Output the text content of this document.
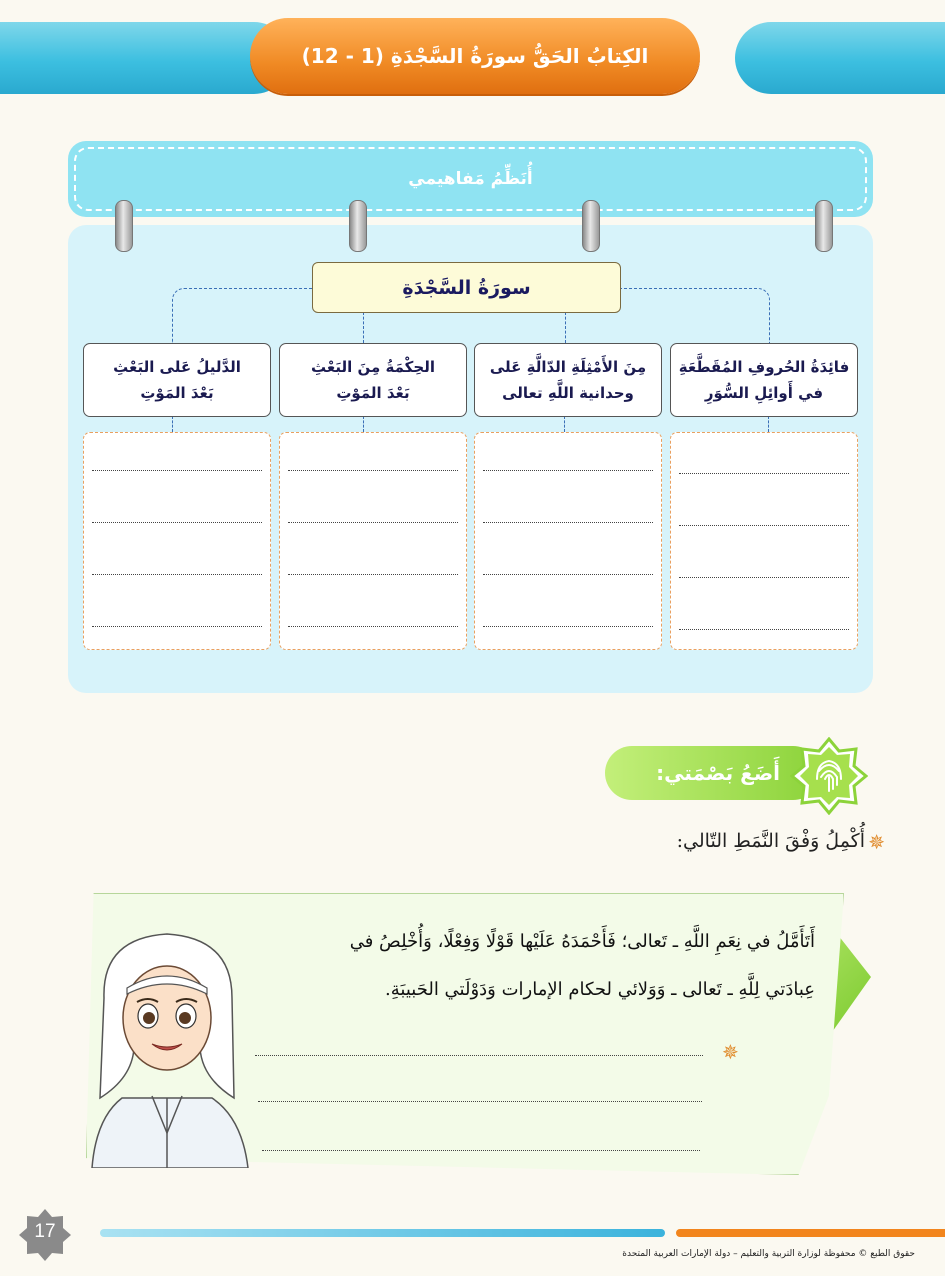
الكِتابُ الحَقُّ سورَةُ السَّجْدَةِ (1 - 12)
أُنَظِّمُ مَفاهيمي
سورَةُ السَّجْدَةِ
فائِدَةُ الحُروفِ المُقَطَّعَةِ
في أَوائِلِ السُّوَرِ
مِنَ الأَمْثِلَةِ الدّالَّةِ عَلى
وحدانية اللَّهِ تعالى
الحِكْمَةُ مِنَ البَعْثِ
بَعْدَ المَوْتِ
الدَّليلُ عَلى البَعْثِ
بَعْدَ المَوْتِ
أَضَعُ بَصْمَتي:
✵
أُكْمِلُ وَفْقَ النَّمَطِ التّالي:
أَتَأَمَّلُ في نِعَمِ اللَّهِ ـ تَعالى؛ فَأَحْمَدَهُ عَلَيْها قَوْلًا وَفِعْلًا، وَأُخْلِصُ في
عِبادَتي لِلَّهِ ـ تَعالى ـ وَوَلائي لحكام الإمارات وَدَوْلَتي الحَبيبَةِ.
✵
17
حقوق الطبع © محفوظة لوزارة التربية والتعليم – دولة الإمارات العربية المتحدة
